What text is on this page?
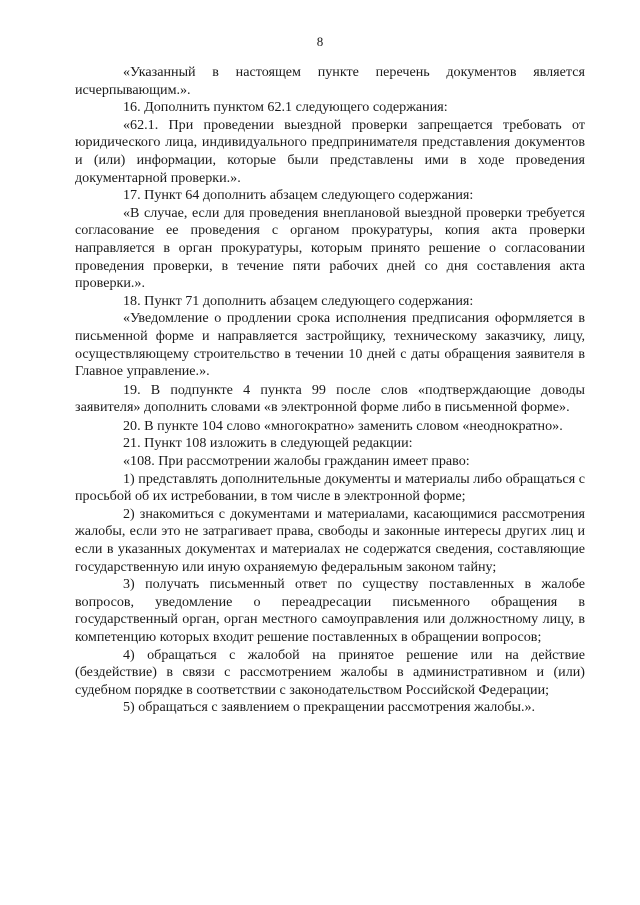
8

«Указанный в настоящем пункте перечень документов является исчерпывающим.».

16. Дополнить пунктом 62.1 следующего содержания:

«62.1. При проведении выездной проверки запрещается требовать от юридического лица, индивидуального предпринимателя представления документов и (или) информации, которые были представлены ими в ходе проведения документарной проверки.».

17. Пункт 64 дополнить абзацем следующего содержания:

«В случае, если для проведения внеплановой выездной проверки требуется согласование ее проведения с органом прокуратуры, копия акта проверки направляется в орган прокуратуры, которым принято решение о согласовании проведения проверки, в течение пяти рабочих дней со дня составления акта проверки.».

18. Пункт 71 дополнить абзацем следующего содержания:

«Уведомление о продлении срока исполнения предписания оформляется в письменной форме и направляется застройщику, техническому заказчику, лицу, осуществляющему строительство в течении 10 дней с даты обращения заявителя в Главное управление.».

19. В подпункте 4 пункта 99 после слов «подтверждающие доводы заявителя» дополнить словами «в электронной форме либо в письменной форме».

20. В пункте 104 слово «многократно» заменить словом «неоднократно».

21. Пункт 108 изложить в следующей редакции:

«108. При рассмотрении жалобы гражданин имеет право:

1) представлять дополнительные документы и материалы либо обращаться с просьбой об их истребовании, в том числе в электронной форме;

2) знакомиться с документами и материалами, касающимися рассмотрения жалобы, если это не затрагивает права, свободы и законные интересы других лиц и если в указанных документах и материалах не содержатся сведения, составляющие государственную или иную охраняемую федеральным законом тайну;

3) получать письменный ответ по существу поставленных в жалобе вопросов, уведомление о переадресации письменного обращения в государственный орган, орган местного самоуправления или должностному лицу, в компетенцию которых входит решение поставленных в обращении вопросов;

4) обращаться с жалобой на принятое решение или на действие (бездействие) в связи с рассмотрением жалобы в административном и (или) судебном порядке в соответствии с законодательством Российской Федерации;

5) обращаться с заявлением о прекращении рассмотрения жалобы.».
